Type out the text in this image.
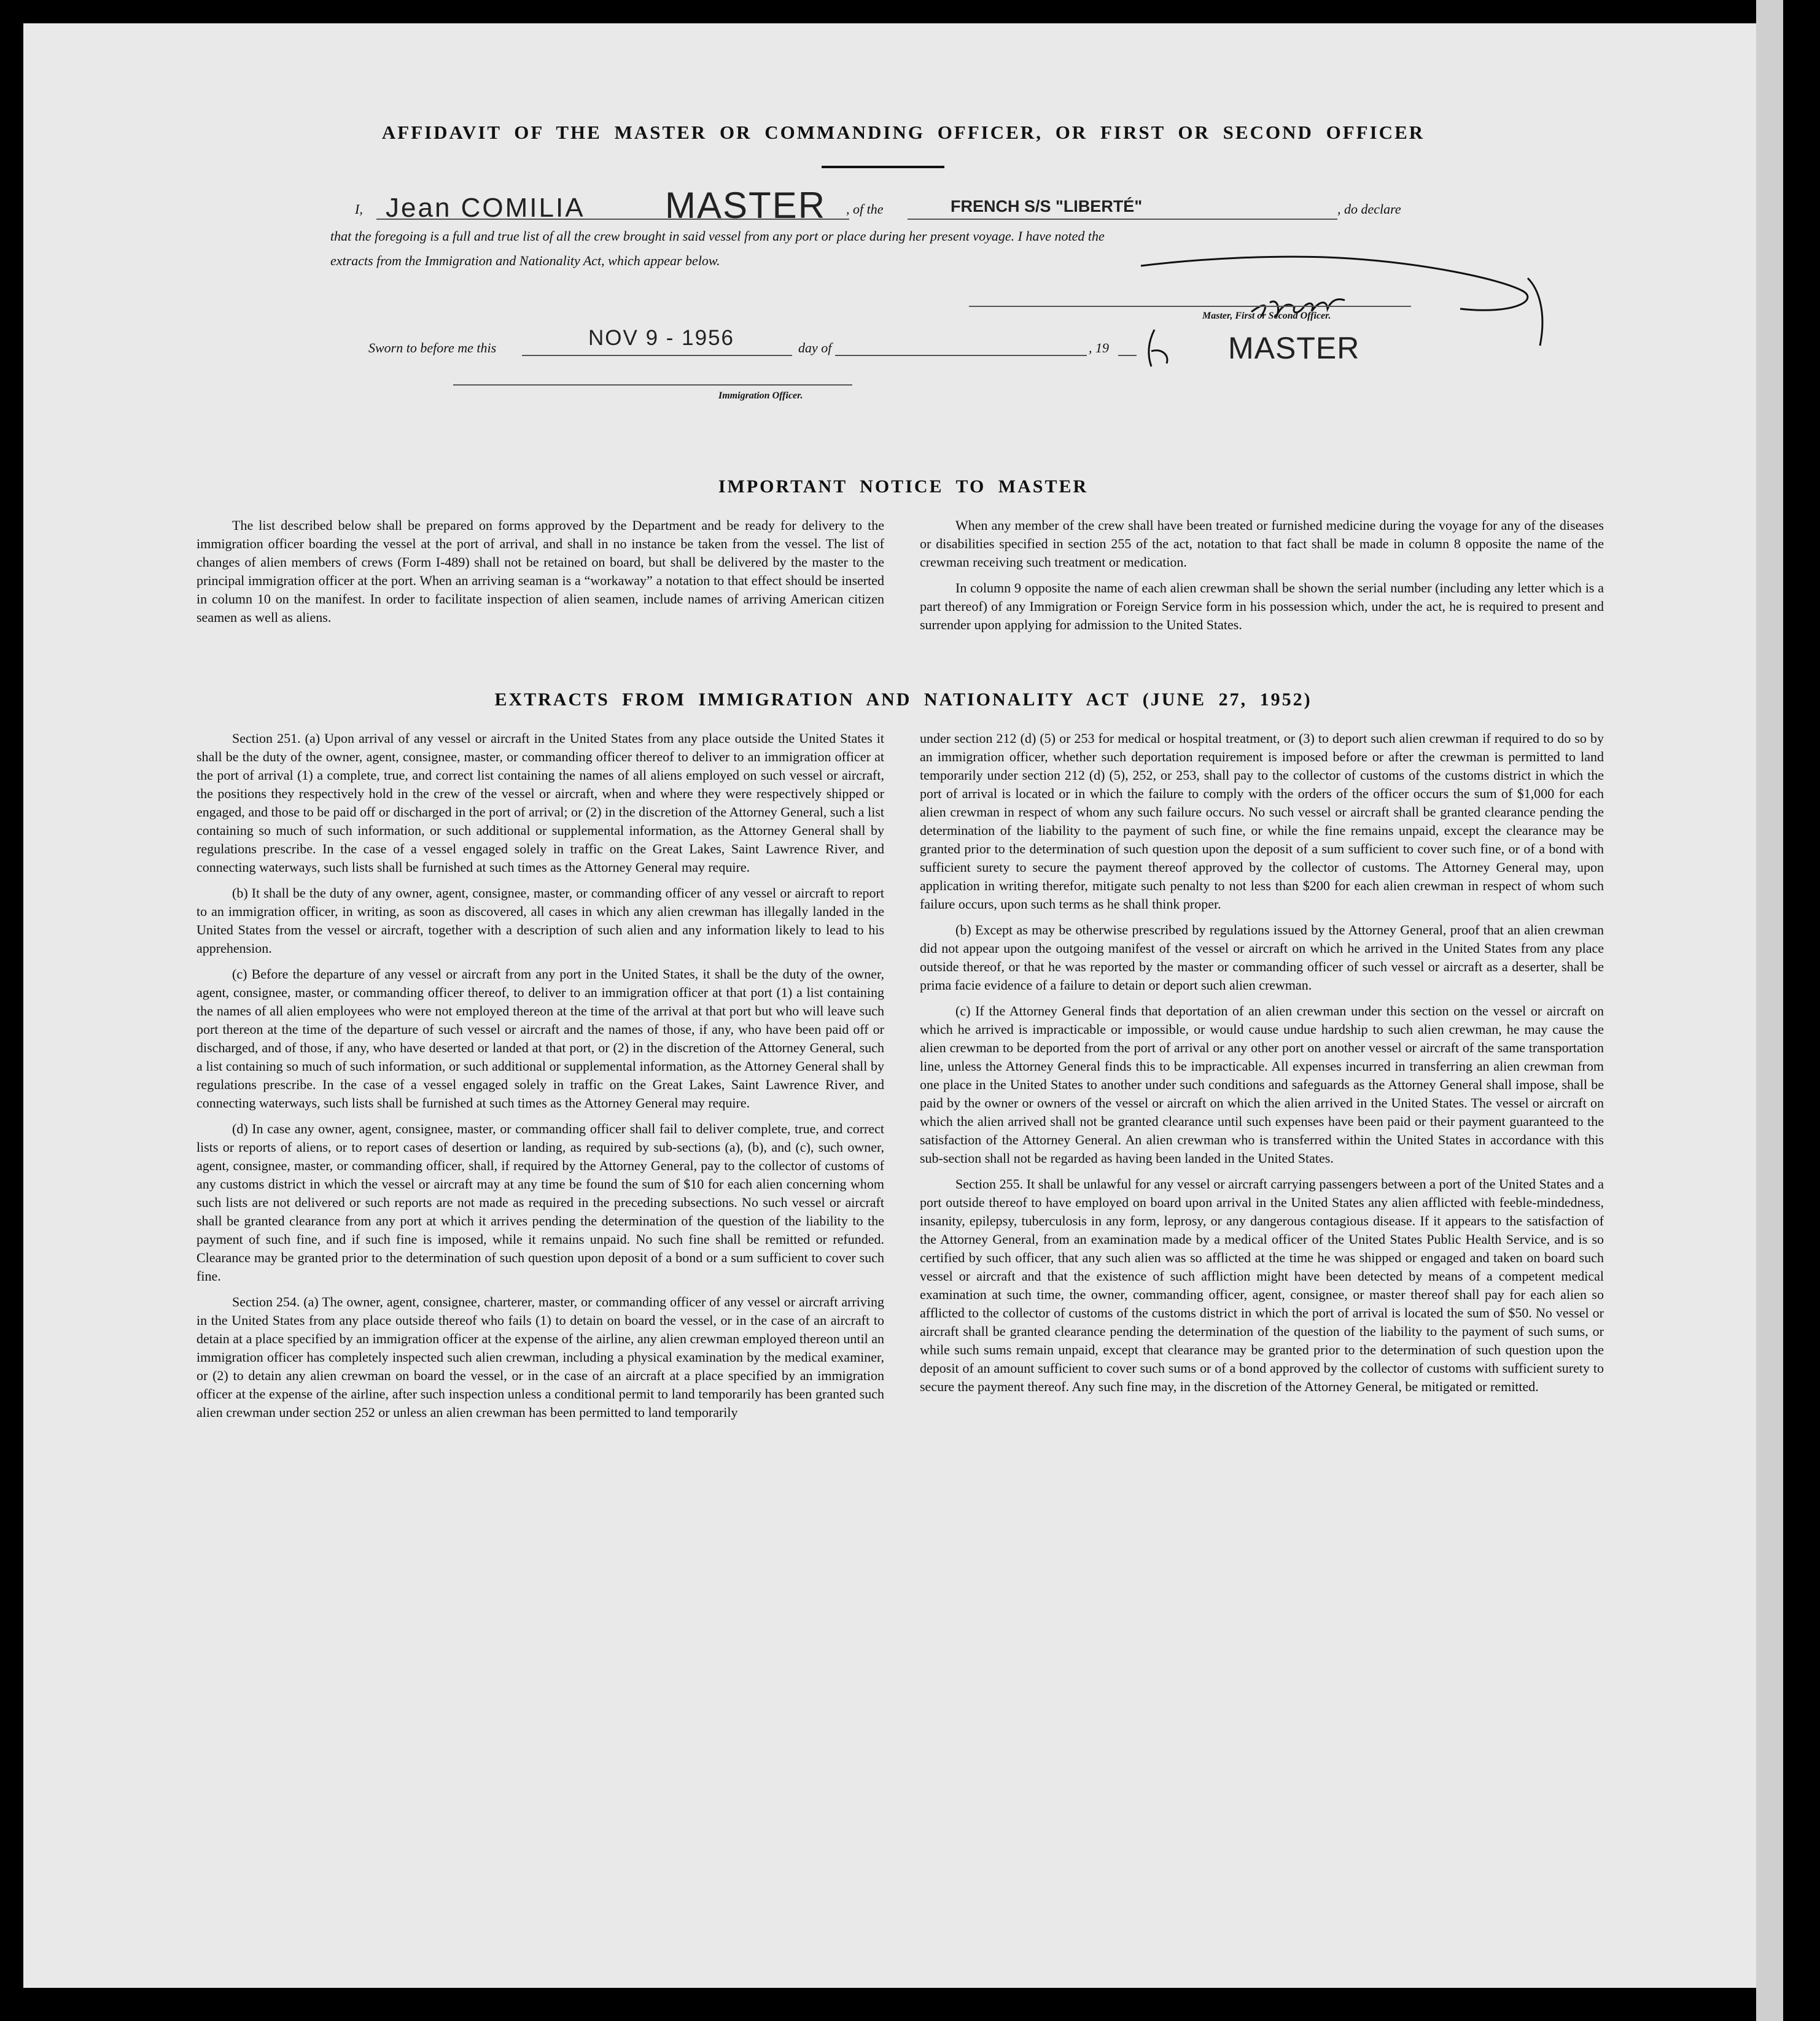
AFFIDAVIT OF THE MASTER OR COMMANDING OFFICER, OR FIRST OR SECOND OFFICER
I, Jean COMILIA MASTER , of the	FRENCH S/S "LIBERTÉ"	, do declare
that the foregoing is a full and true list of all the crew brought in said vessel from any port or place during her present voyage. I have noted the
extracts from the Immigration and Nationality Act, which appear below.
Master, First or Second Officer.
Sworn to before me this	NOV 9 - 1956	day of	, 19	MASTER
Immigration Officer.
IMPORTANT NOTICE TO MASTER

The list described below shall be prepared on forms approved by the Department and be ready for delivery to the immigration officer boarding the vessel at the port of arrival, and shall in no instance be taken from the vessel. The list of changes of alien members of crews (Form I-489) shall not be retained on board, but shall be delivered by the master to the principal immigration officer at the port. When an arriving seaman is a “workaway” a notation to that effect should be inserted in column 10 on the manifest. In order to facilitate inspection of alien seamen, include names of arriving American citizen seamen as well as aliens.

When any member of the crew shall have been treated or furnished medicine during the voyage for any of the diseases or disabilities specified in section 255 of the act, notation to that fact shall be made in column 8 opposite the name of the crewman receiving such treatment or medication.

In column 9 opposite the name of each alien crewman shall be shown the serial number (including any letter which is a part thereof) of any Immigration or Foreign Service form in his possession which, under the act, he is required to present and surrender upon applying for admission to the United States.

EXTRACTS FROM IMMIGRATION AND NATIONALITY ACT (JUNE 27, 1952)

Section 251. (a) Upon arrival of any vessel or aircraft in the United States from any place outside the United States it shall be the duty of the owner, agent, consignee, master, or commanding officer thereof to deliver to an immigration officer at the port of arrival (1) a complete, true, and correct list containing the names of all aliens employed on such vessel or aircraft, the positions they respectively hold in the crew of the vessel or aircraft, when and where they were respectively shipped or engaged, and those to be paid off or discharged in the port of arrival; or (2) in the discretion of the Attorney General, such a list containing so much of such information, or such additional or supplemental information, as the Attorney General shall by regulations prescribe. In the case of a vessel engaged solely in traffic on the Great Lakes, Saint Lawrence River, and connecting waterways, such lists shall be furnished at such times as the Attorney General may require.

(b) It shall be the duty of any owner, agent, consignee, master, or commanding officer of any vessel or aircraft to report to an immigration officer, in writing, as soon as discovered, all cases in which any alien crewman has illegally landed in the United States from the vessel or aircraft, together with a description of such alien and any information likely to lead to his apprehension.

(c) Before the departure of any vessel or aircraft from any port in the United States, it shall be the duty of the owner, agent, consignee, master, or commanding officer thereof, to deliver to an immigration officer at that port (1) a list containing the names of all alien employees who were not employed thereon at the time of the arrival at that port but who will leave such port thereon at the time of the departure of such vessel or aircraft and the names of those, if any, who have been paid off or discharged, and of those, if any, who have deserted or landed at that port, or (2) in the discretion of the Attorney General, such a list containing so much of such information, or such additional or supplemental information, as the Attorney General shall by regulations prescribe. In the case of a vessel engaged solely in traffic on the Great Lakes, Saint Lawrence River, and connecting waterways, such lists shall be furnished at such times as the Attorney General may require.

(d) In case any owner, agent, consignee, master, or commanding officer shall fail to deliver complete, true, and correct lists or reports of aliens, or to report cases of desertion or landing, as required by sub-sections (a), (b), and (c), such owner, agent, consignee, master, or commanding officer, shall, if required by the Attorney General, pay to the collector of customs of any customs district in which the vessel or aircraft may at any time be found the sum of $10 for each alien concerning whom such lists are not delivered or such reports are not made as required in the preceding subsections. No such vessel or aircraft shall be granted clearance from any port at which it arrives pending the determination of the question of the liability to the payment of such fine, and if such fine is imposed, while it remains unpaid. No such fine shall be remitted or refunded. Clearance may be granted prior to the determination of such question upon deposit of a bond or a sum sufficient to cover such fine.

Section 254. (a) The owner, agent, consignee, charterer, master, or commanding officer of any vessel or aircraft arriving in the United States from any place outside thereof who fails (1) to detain on board the vessel, or in the case of an aircraft to detain at a place specified by an immigration officer at the expense of the airline, any alien crewman employed thereon until an immigration officer has completely inspected such alien crewman, including a physical examination by the medical examiner, or (2) to detain any alien crewman on board the vessel, or in the case of an aircraft at a place specified by an immigration officer at the expense of the airline, after such inspection unless a conditional permit to land temporarily has been granted such alien crewman under section 252 or unless an alien crewman has been permitted to land temporarily

under section 212 (d) (5) or 253 for medical or hospital treatment, or (3) to deport such alien crewman if required to do so by an immigration officer, whether such deportation requirement is imposed before or after the crewman is permitted to land temporarily under section 212 (d) (5), 252, or 253, shall pay to the collector of customs of the customs district in which the port of arrival is located or in which the failure to comply with the orders of the officer occurs the sum of $1,000 for each alien crewman in respect of whom any such failure occurs. No such vessel or aircraft shall be granted clearance pending the determination of the liability to the payment of such fine, or while the fine remains unpaid, except the clearance may be granted prior to the determination of such question upon the deposit of a sum sufficient to cover such fine, or of a bond with sufficient surety to secure the payment thereof approved by the collector of customs. The Attorney General may, upon application in writing therefor, mitigate such penalty to not less than $200 for each alien crewman in respect of whom such failure occurs, upon such terms as he shall think proper.

(b) Except as may be otherwise prescribed by regulations issued by the Attorney General, proof that an alien crewman did not appear upon the outgoing manifest of the vessel or aircraft on which he arrived in the United States from any place outside thereof, or that he was reported by the master or commanding officer of such vessel or aircraft as a deserter, shall be prima facie evidence of a failure to detain or deport such alien crewman.

(c) If the Attorney General finds that deportation of an alien crewman under this section on the vessel or aircraft on which he arrived is impracticable or impossible, or would cause undue hardship to such alien crewman, he may cause the alien crewman to be deported from the port of arrival or any other port on another vessel or aircraft of the same transportation line, unless the Attorney General finds this to be impracticable. All expenses incurred in transferring an alien crewman from one place in the United States to another under such conditions and safeguards as the Attorney General shall impose, shall be paid by the owner or owners of the vessel or aircraft on which the alien arrived in the United States. The vessel or aircraft on which the alien arrived shall not be granted clearance until such expenses have been paid or their payment guaranteed to the satisfaction of the Attorney General. An alien crewman who is transferred within the United States in accordance with this sub-section shall not be regarded as having been landed in the United States.

Section 255. It shall be unlawful for any vessel or aircraft carrying passengers between a port of the United States and a port outside thereof to have employed on board upon arrival in the United States any alien afflicted with feeble-mindedness, insanity, epilepsy, tuberculosis in any form, leprosy, or any dangerous contagious disease. If it appears to the satisfaction of the Attorney General, from an examination made by a medical officer of the United States Public Health Service, and is so certified by such officer, that any such alien was so afflicted at the time he was shipped or engaged and taken on board such vessel or aircraft and that the existence of such affliction might have been detected by means of a competent medical examination at such time, the owner, commanding officer, agent, consignee, or master thereof shall pay for each alien so afflicted to the collector of customs of the customs district in which the port of arrival is located the sum of $50. No vessel or aircraft shall be granted clearance pending the determination of the question of the liability to the payment of such sums, or while such sums remain unpaid, except that clearance may be granted prior to the determination of such question upon the deposit of an amount sufficient to cover such sums or of a bond approved by the collector of customs with sufficient surety to secure the payment thereof. Any such fine may, in the discretion of the Attorney General, be mitigated or remitted.
